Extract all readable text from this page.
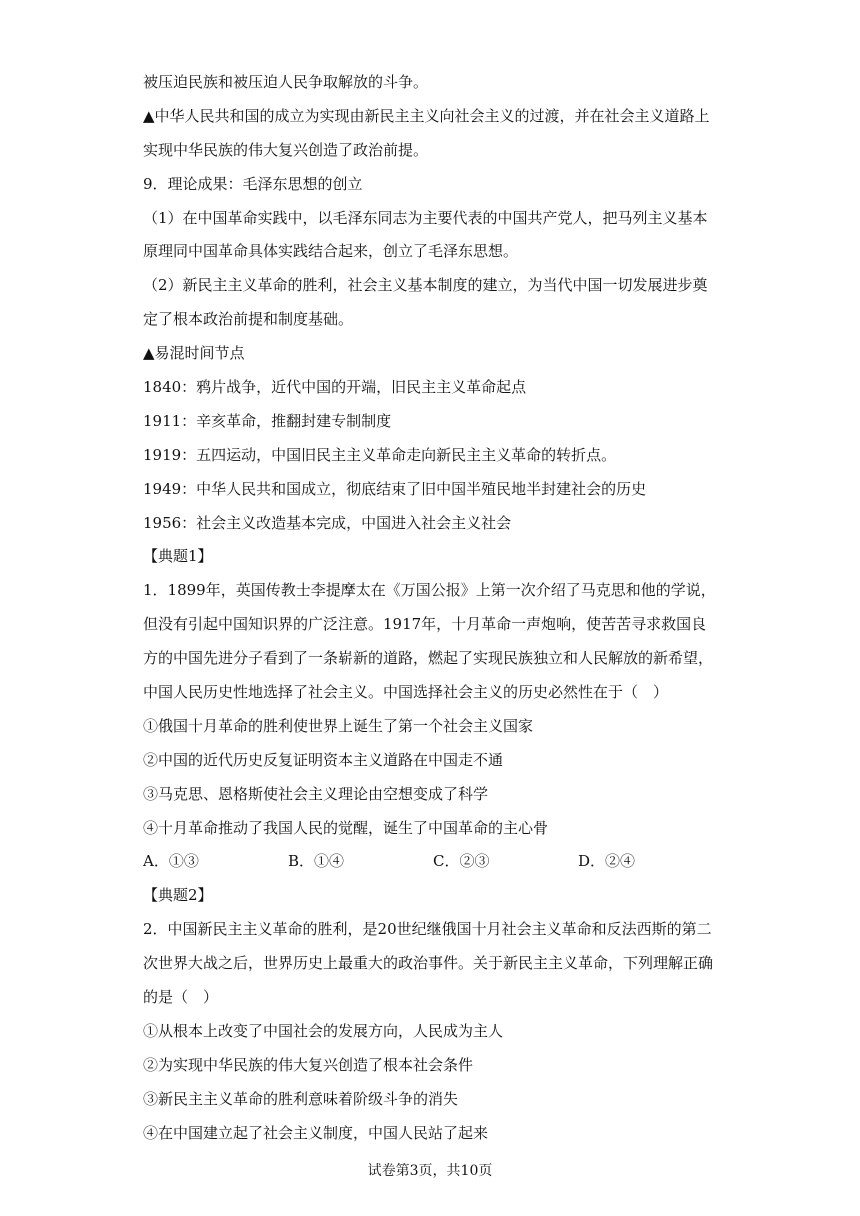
被压迫民族和被压迫人民争取解放的斗争。
▲中华人民共和国的成立为实现由新民主主义向社会主义的过渡，并在社会主义道路上
实现中华民族的伟大复兴创造了政治前提。
9．理论成果：毛泽东思想的创立
（1）在中国革命实践中，以毛泽东同志为主要代表的中国共产党人，把马列主义基本
原理同中国革命具体实践结合起来，创立了毛泽东思想。
（2）新民主主义革命的胜利，社会主义基本制度的建立，为当代中国一切发展进步奠
定了根本政治前提和制度基础。
▲易混时间节点
1840：鸦片战争，近代中国的开端，旧民主主义革命起点
1911：辛亥革命，推翻封建专制制度
1919：五四运动，中国旧民主主义革命走向新民主主义革命的转折点。
1949：中华人民共和国成立，彻底结束了旧中国半殖民地半封建社会的历史
1956：社会主义改造基本完成，中国进入社会主义社会
【典题1】
1．1899年，英国传教士李提摩太在《万国公报》上第一次介绍了马克思和他的学说，
但没有引起中国知识界的广泛注意。1917年，十月革命一声炮响，使苦苦寻求救国良
方的中国先进分子看到了一条崭新的道路，燃起了实现民族独立和人民解放的新希望，
中国人民历史性地选择了社会主义。中国选择社会主义的历史必然性在于（　）
①俄国十月革命的胜利使世界上诞生了第一个社会主义国家
②中国的近代历史反复证明资本主义道路在中国走不通
③马克思、恩格斯使社会主义理论由空想变成了科学
④十月革命推动了我国人民的觉醒，诞生了中国革命的主心骨
A．①③	B．①④	C．②③	D．②④
【典题2】
2．中国新民主主义革命的胜利，是20世纪继俄国十月社会主义革命和反法西斯的第二
次世界大战之后，世界历史上最重大的政治事件。关于新民主主义革命，下列理解正确
的是（　）
①从根本上改变了中国社会的发展方向，人民成为主人
②为实现中华民族的伟大复兴创造了根本社会条件
③新民主主义革命的胜利意味着阶级斗争的消失
④在中国建立起了社会主义制度，中国人民站了起来
试卷第3页，共10页
